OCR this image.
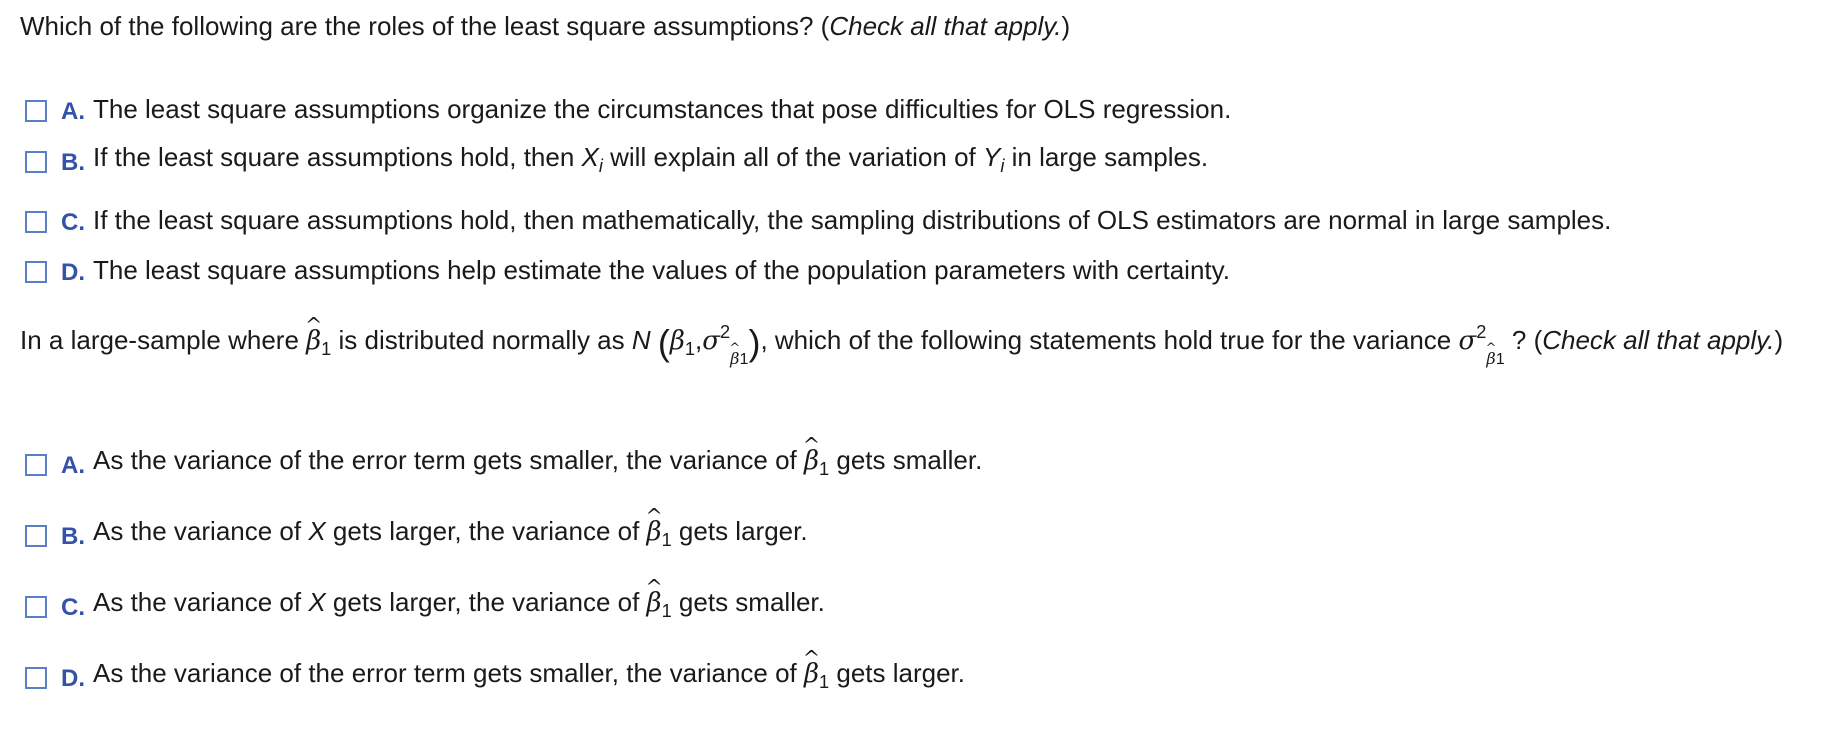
Which of the following are the roles of the least square assumptions? (Check all that apply.)
A. The least square assumptions organize the circumstances that pose difficulties for OLS regression.
B. If the least square assumptions hold, then $X_i$ will explain all of the variation of $Y_i$ in large samples.
C. If the least square assumptions hold, then mathematically, the sampling distributions of OLS estimators are normal in large samples.
D. The least square assumptions help estimate the values of the population parameters with certainty.
In a large-sample where ^ $\beta_1$ is distributed normally as N ($\beta_1,\sigma^2\^{}$ $_{\beta 1}$), which of the following statements hold true for the variance $\sigma^2\^{}$ $_{\beta 1}$ ? (Check all that apply.)
A. As the variance of the error term gets smaller, the variance of ^ $\beta_1$ gets smaller.
B. As the variance of X gets larger, the variance of ^ $\beta_1$ gets larger.
C. As the variance of X gets larger, the variance of ^ $\beta_1$ gets smaller.
D. As the variance of the error term gets smaller, the variance of ^ $\beta_1$ gets larger.
